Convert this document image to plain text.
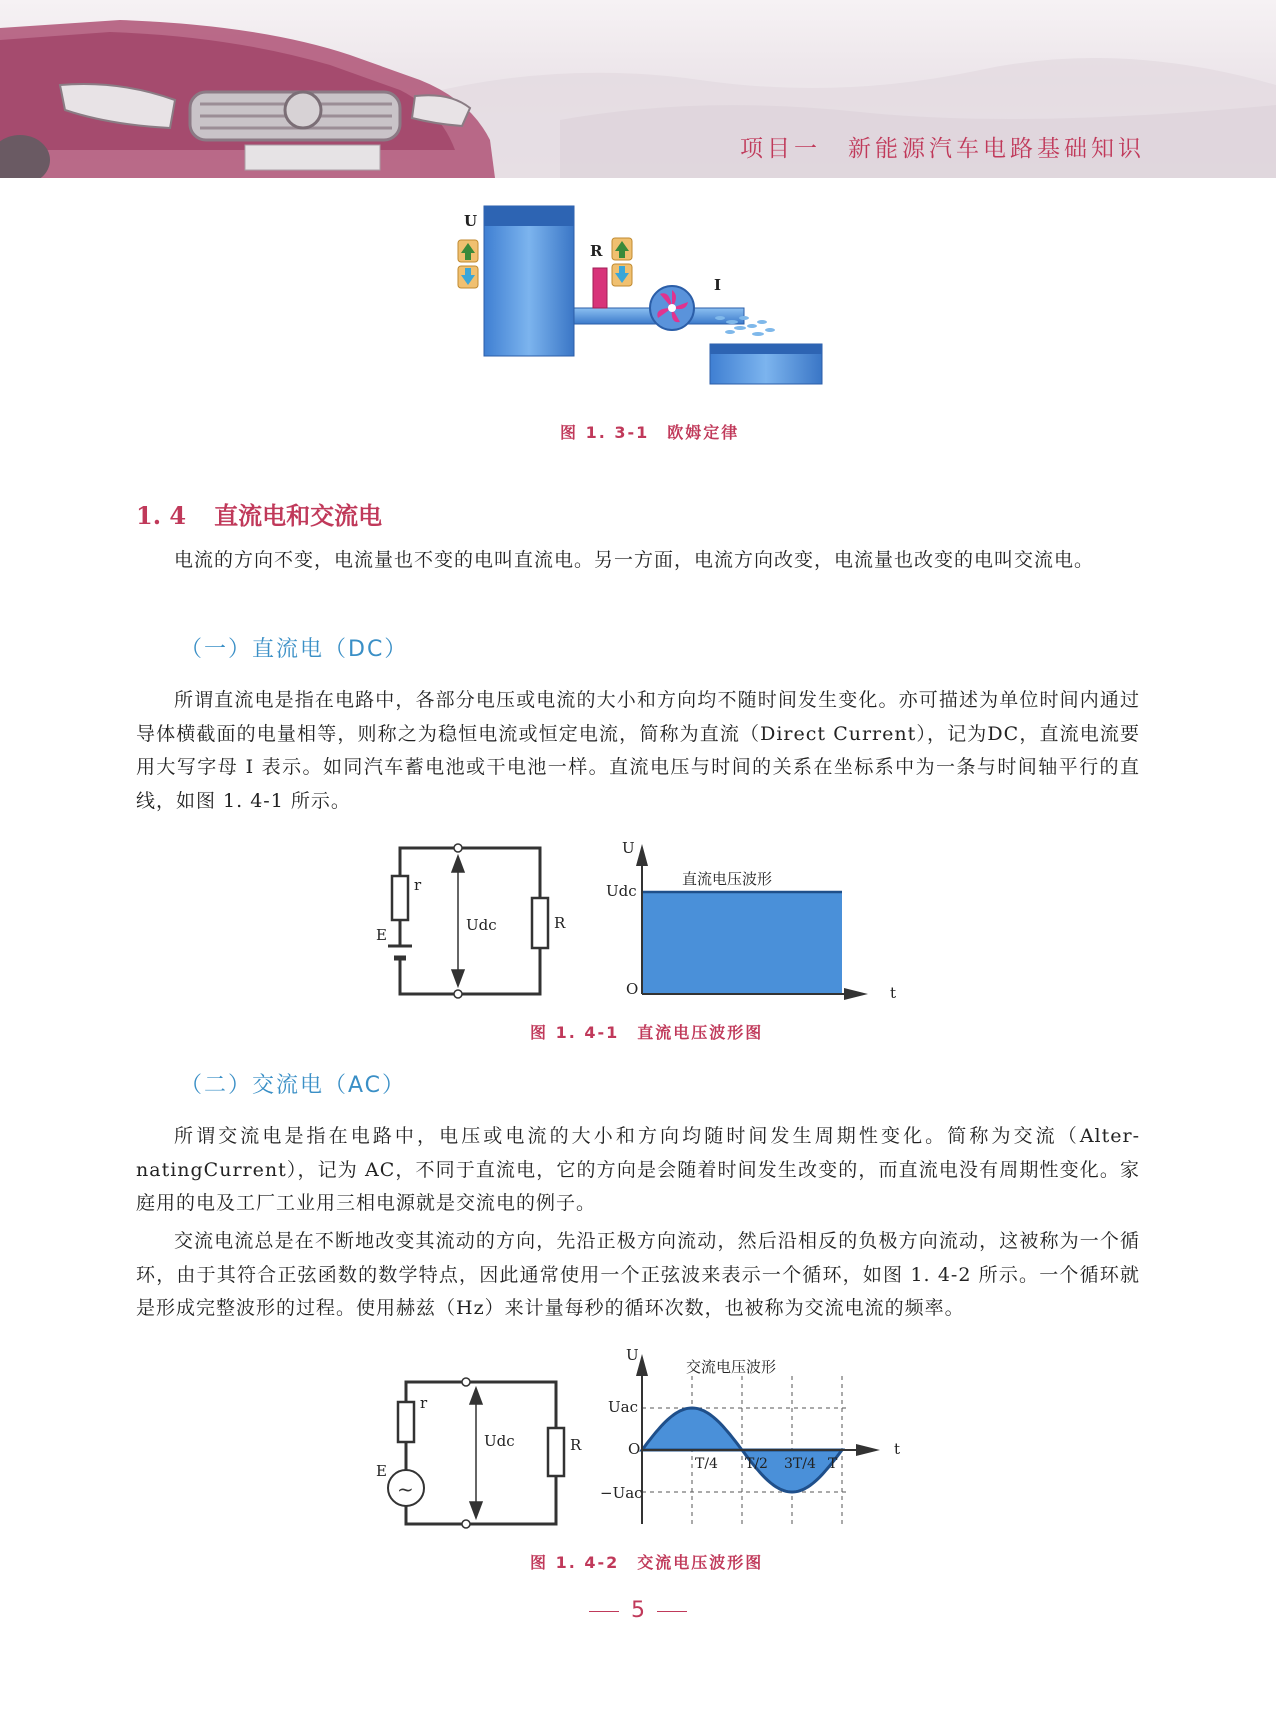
项目一　新能源汽车电路基础知识
U
R
I
图 1. 3-1　欧姆定律
1. 4 直流电和交流电
电流的方向不变，电流量也不变的电叫直流电。另一方面，电流方向改变，电流量也改变的电叫交流电。
（一）直流电（DC）
所谓直流电是指在电路中，各部分电压或电流的大小和方向均不随时间发生变化。亦可描述为单位时间内通过导体横截面的电量相等，则称之为稳恒电流或恒定电流，简称为直流（Direct Current），记为DC，直流电流要用大写字母 I 表示。如同汽车蓄电池或干电池一样。直流电压与时间的关系在坐标系中为一条与时间轴平行的直线，如图 1. 4-1 所示。
r
E
Udc	R
U
Udc
直流电压波形
O	t
图 1. 4-1　直流电压波形图
（二）交流电（AC）
所谓交流电是指在电路中，电压或电流的大小和方向均随时间发生周期性变化。简称为交流（Alter-natingCurrent），记为 AC，不同于直流电，它的方向是会随着时间发生改变的，而直流电没有周期性变化。家庭用的电及工厂工业用三相电源就是交流电的例子。
交流电流总是在不断地改变其流动的方向，先沿正极方向流动，然后沿相反的负极方向流动，这被称为一个循环，由于其符合正弦函数的数学特点，因此通常使用一个正弦波来表示一个循环，如图 1. 4-2 所示。一个循环就是形成完整波形的过程。使用赫兹（Hz）来计量每秒的循环次数，也被称为交流电流的频率。
~
r
E
Udc	R
U
交流电压波形
Uac
−Uac
O	t
T/4 T/2 3T/4 T
图 1. 4-2　交流电压波形图
5
